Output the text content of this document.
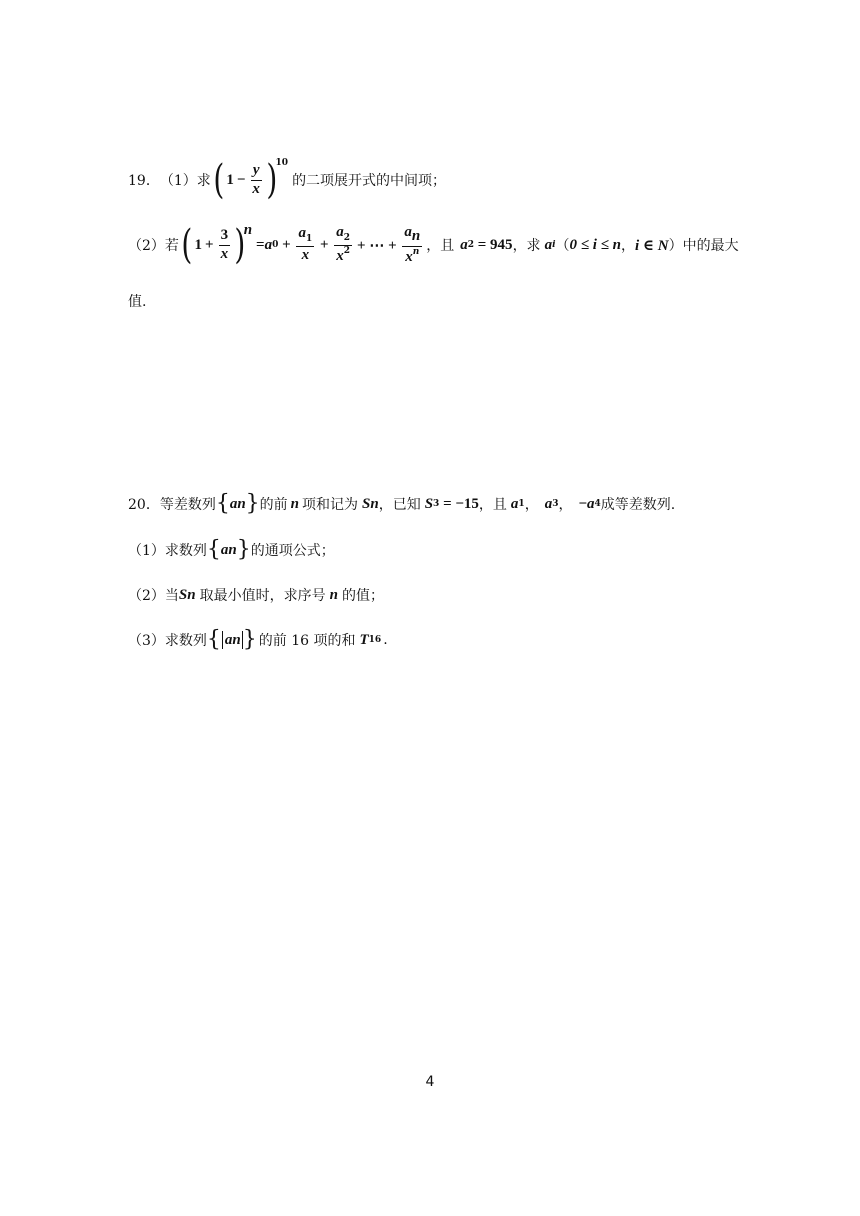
19． （1）求 ( $1 - \frac{y}{x}$ )
10
的二项展开式的中间项；
（2）若 ( $1 + \frac{3}{x}$ )
n
= a $0 + \frac{a_1}{x} + \frac{a_2}{x^2}$ + ⋯ + $\frac{a_n}{x^n}$ ，且 a 2 = 945 ，求 a i （ 0 ≤ i ≤ n ， i ∈ N ）中的最大
值.
20． 等差数列 { a n } 的前 n 项和记为 S n ，已知 S 3 = −15 ，且 a 1 ， a 3 ， − a 4 成等差数列.
（1）求数列 { a n } 的通项公式；
（2）当 S n 取最小值时，求序号 n 的值；
（3）求数列 { a n } 的前 16 项的和 T 16 .
4
